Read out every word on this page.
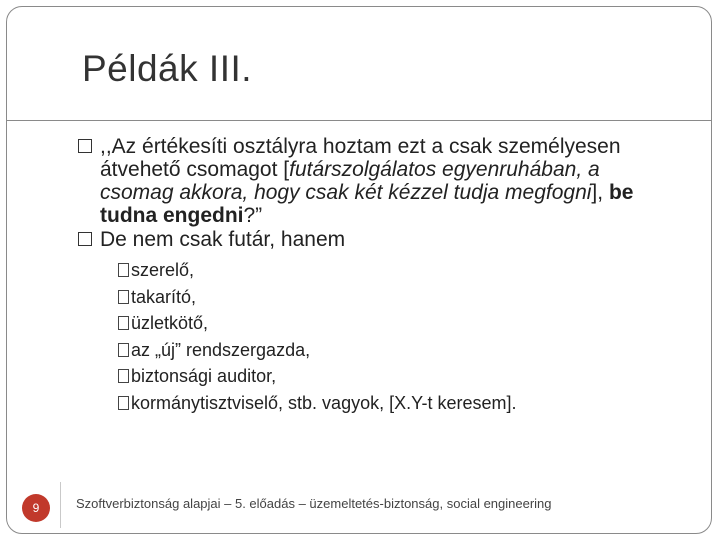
Példák III.
,,Az értékesíti osztályra hoztam ezt a csak személyesen átvehető csomagot [futárszolgálatos egyenruhában, a csomag akkora, hogy csak két kézzel tudja megfogni], be tudna engedni?”
De nem csak futár, hanem
szerelő,
takarító,
üzletkötő,
az „új” rendszergazda,
biztonsági auditor,
kormánytisztviselő, stb. vagyok, [X.Y-t keresem].
9	Szoftverbiztonság alapjai – 5. előadás – üzemeltetés-biztonság, social engineering
